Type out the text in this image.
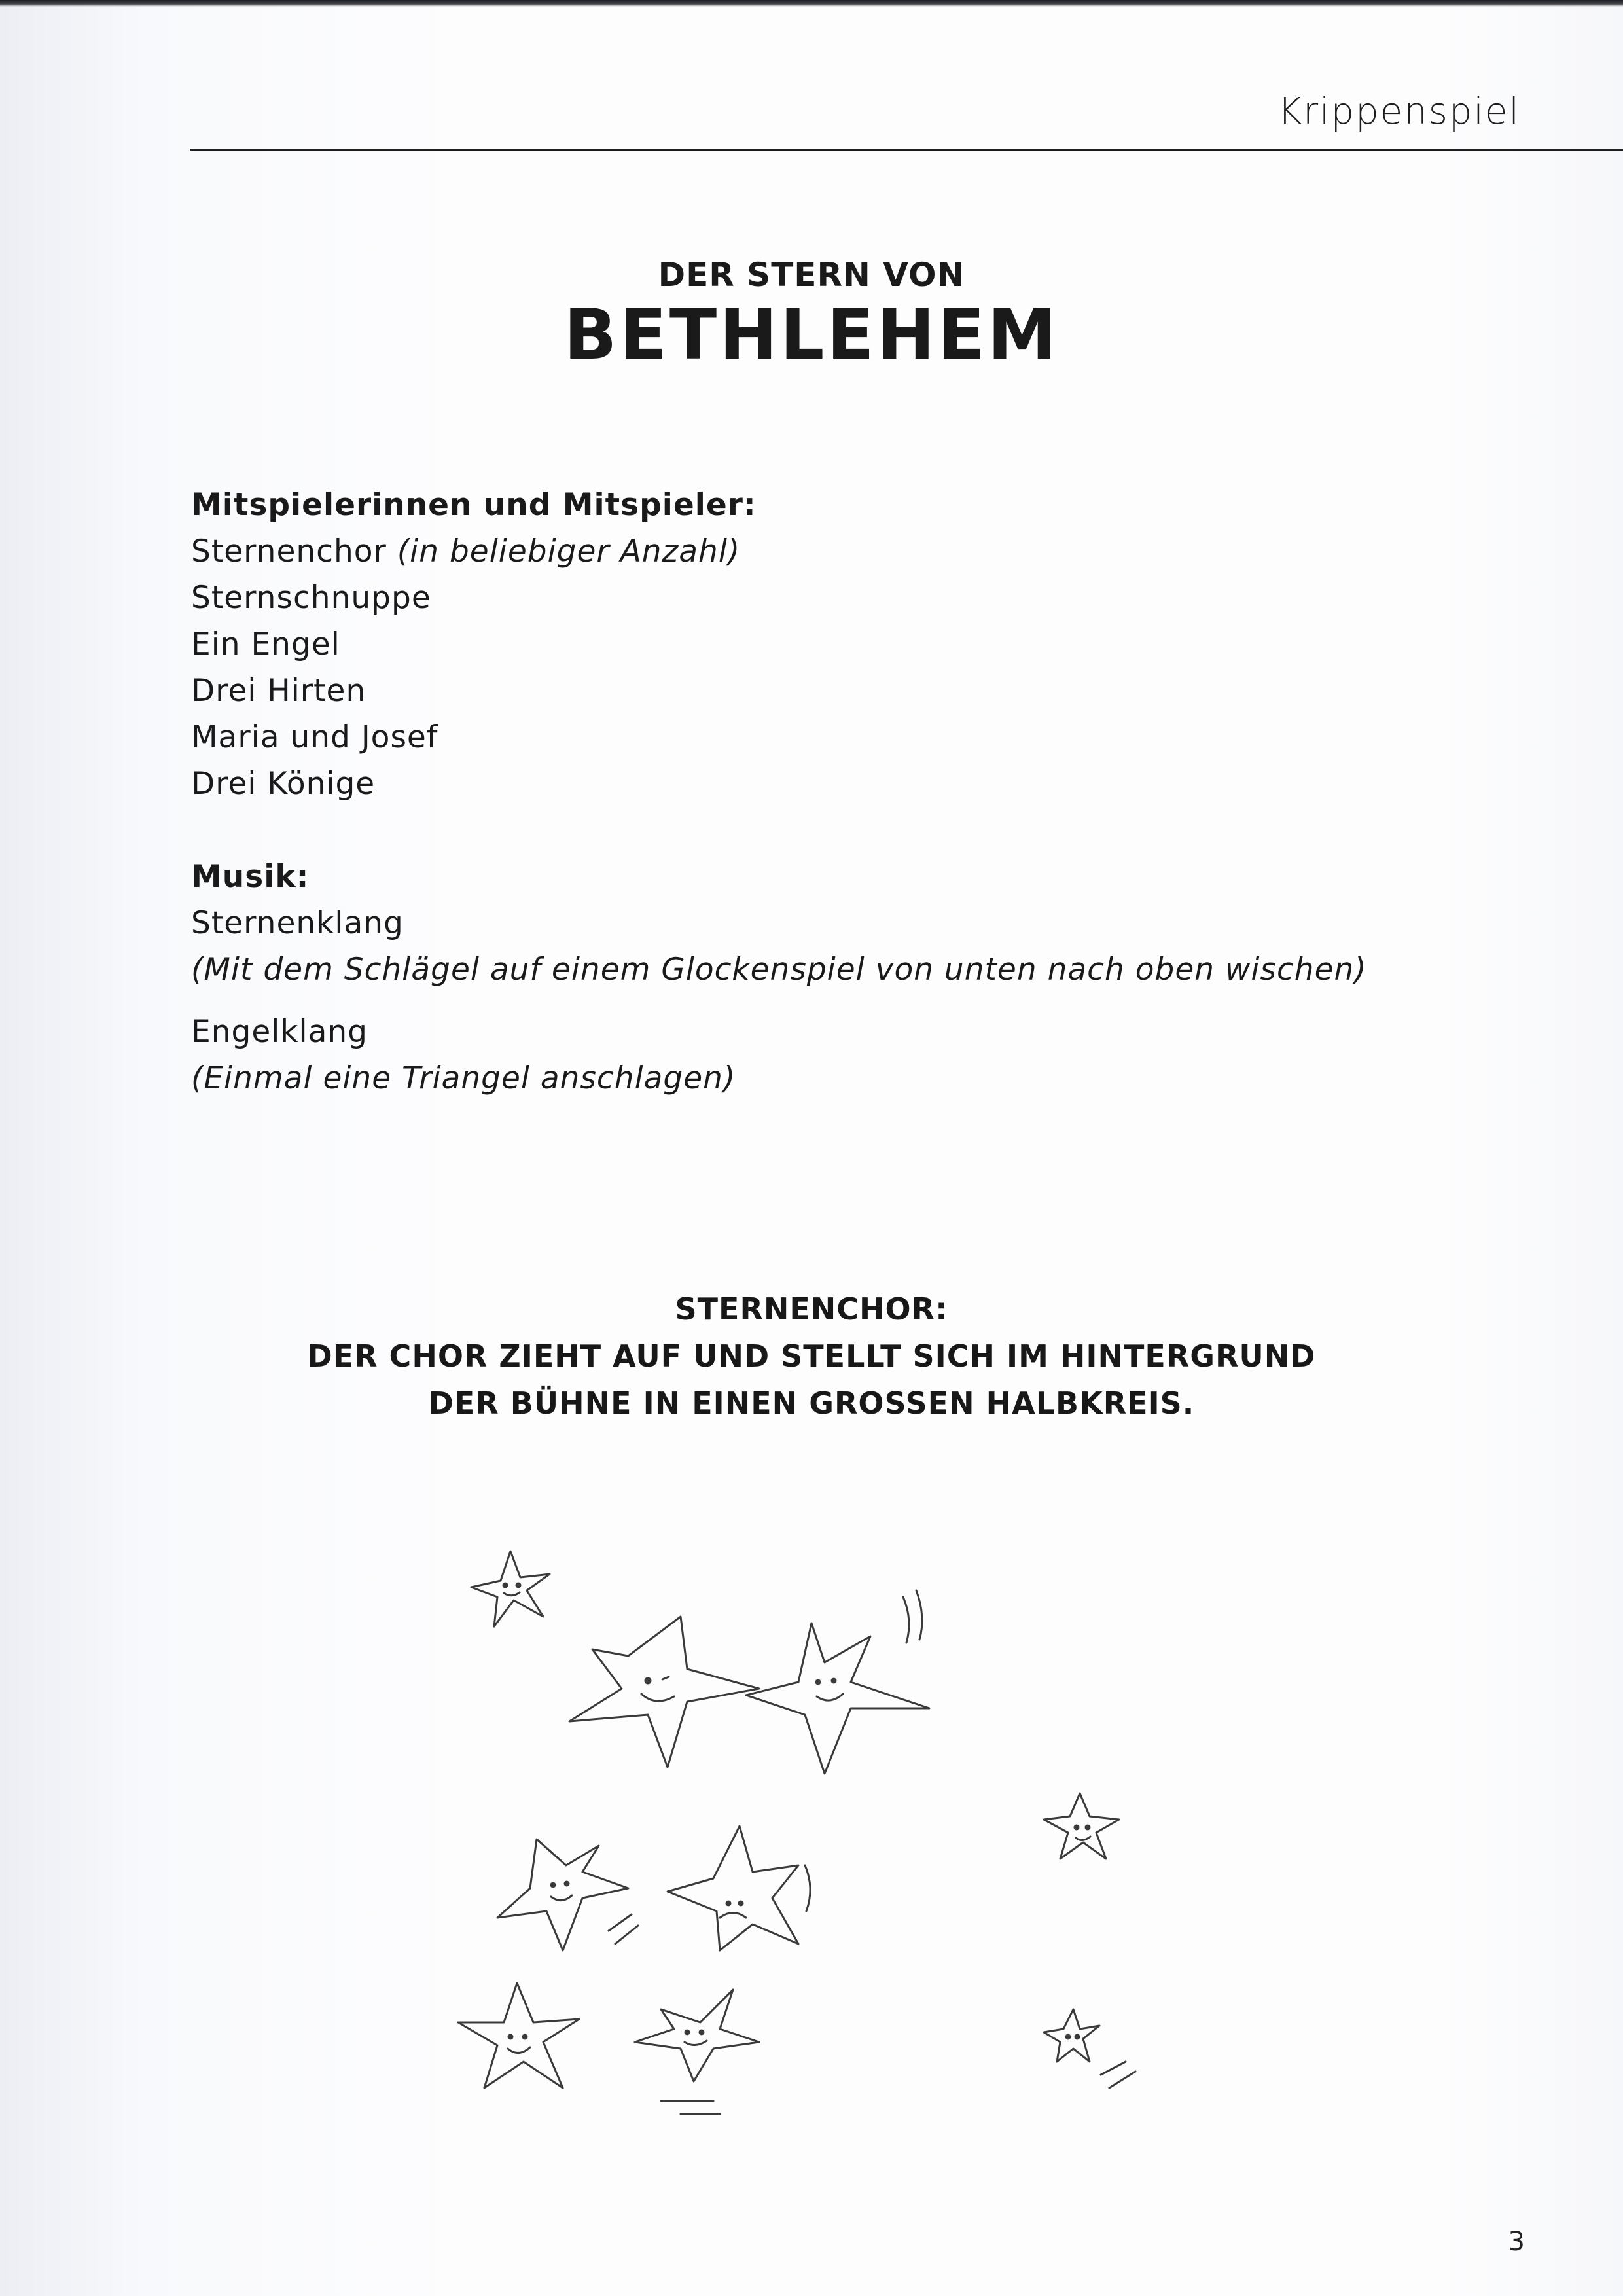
Krippenspiel
DER STERN VON
BETHLEHEM
Mitspielerinnen und Mitspieler:
Sternenchor (in beliebiger Anzahl)
Sternschnuppe
Ein Engel
Drei Hirten
Maria und Josef
Drei Könige
Musik:
Sternenklang
(Mit dem Schlägel auf einem Glockenspiel von unten nach oben wischen)
Engelklang
(Einmal eine Triangel anschlagen)
STERNENCHOR:
DER CHOR ZIEHT AUF UND STELLT SICH IM HINTERGRUND
DER BÜHNE IN EINEN GROSSEN HALBKREIS.
3
